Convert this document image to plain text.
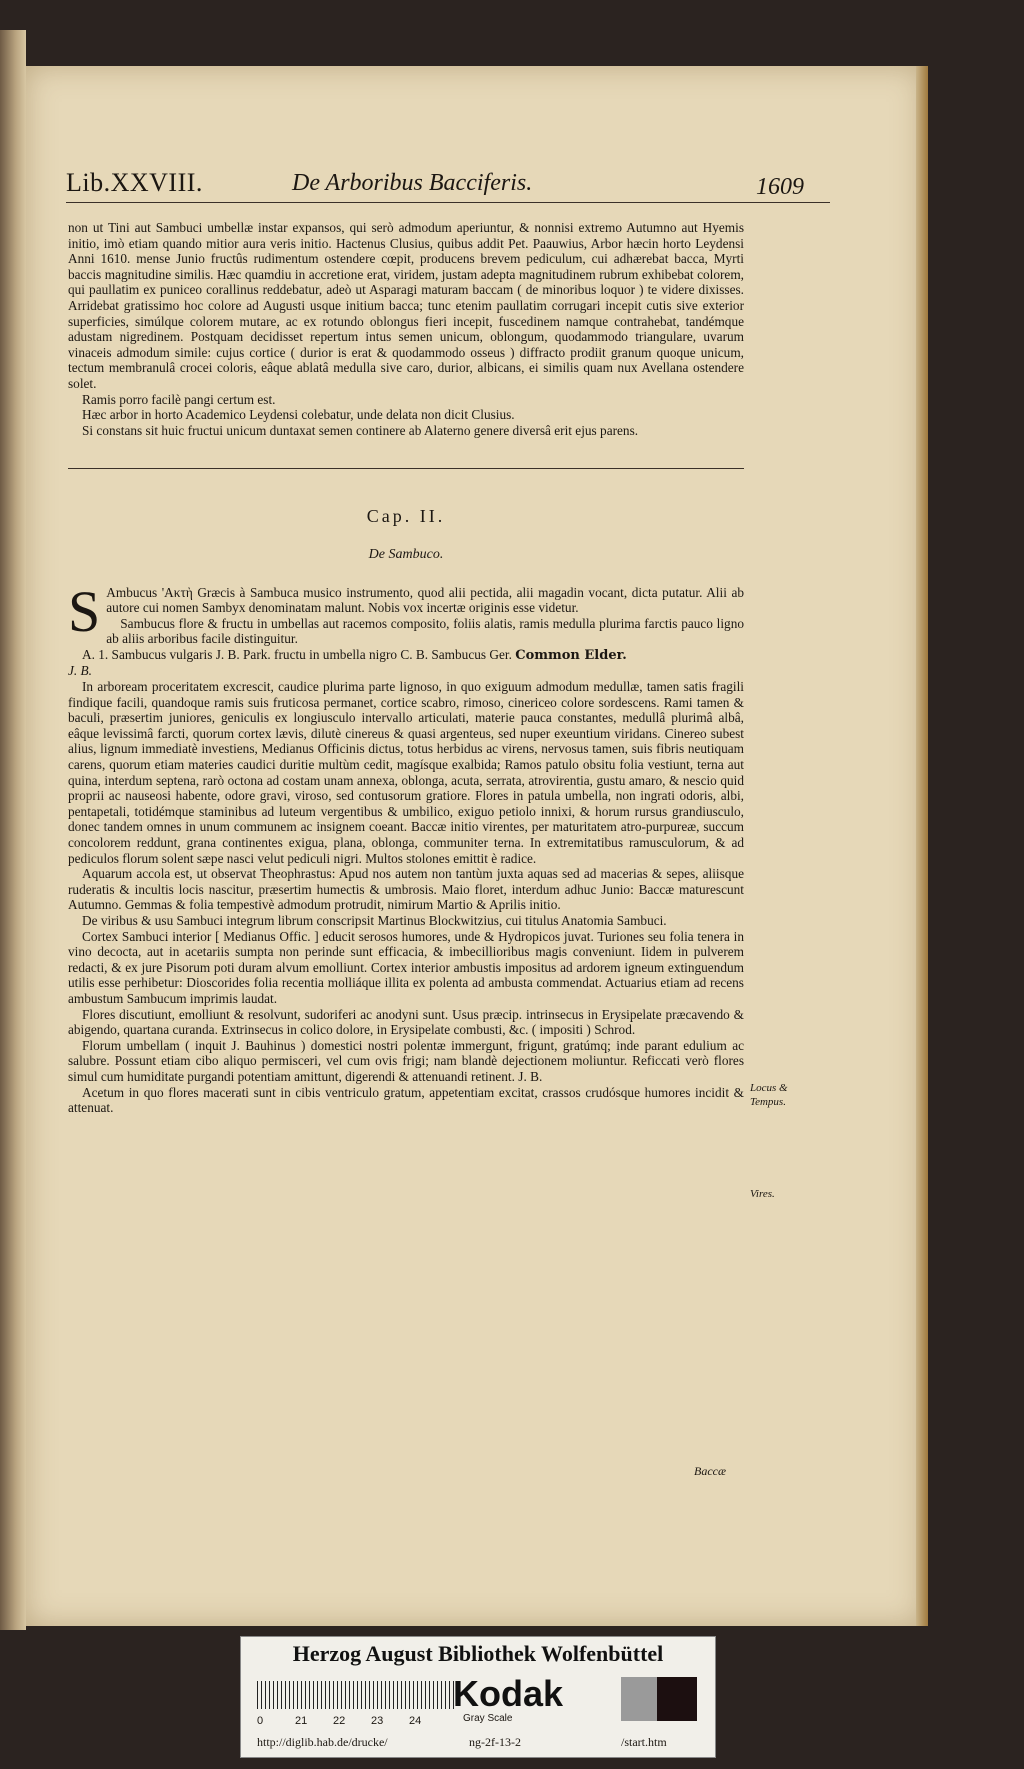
Lib.XXVIII.	De Arboribus Bacciferis.	1609

non ut Tini aut Sambuci umbellæ instar expansos, qui serò admodum aperiuntur, & nonnisi extremo Autumno aut Hyemis initio, imò etiam quando mitior aura veris initio. Hactenus Clusius, quibus addit Pet. Paauwius, Arbor hæcin horto Leydensi Anni 1610. mense Junio fructûs rudimentum ostendere cœpit, producens brevem pediculum, cui adhærebat bacca, Myrti baccis magnitudine similis. Hæc quamdiu in accretione erat, viridem, justam adepta magnitudinem rubrum exhibebat colorem, qui paullatim ex puniceo corallinus reddebatur, adeò ut Asparagi maturam baccam ( de minoribus loquor ) te videre dixisses. Arridebat gratissimo hoc colore ad Augusti usque initium bacca; tunc etenim paullatim corrugari incepit cutis sive exterior superficies, simúlque colorem mutare, ac ex rotundo oblongus fieri incepit, fuscedinem namque contrahebat, tandémque adustam nigredinem. Postquam decidisset repertum intus semen unicum, oblongum, quodammodo triangulare, uvarum vinaceis admodum simile: cujus cortice ( durior is erat & quodammodo osseus ) diffracto prodiit granum quoque unicum, tectum membranulâ crocei coloris, eâque ablatâ medulla sive caro, durior, albicans, ei similis quam nux Avellana ostendere solet.

Ramis porro facilè pangi certum est.

Hæc arbor in horto Academico Leydensi colebatur, unde delata non dicit Clusius.

Si constans sit huic fructui unicum duntaxat semen continere ab Alaterno genere diversâ erit ejus parens.

Cap. II.
De Sambuco.

S Ambucus 'Ακτὴ Græcis à Sambuca musico instrumento, quod alii pectida, alii magadin vocant, dicta putatur. Alii ab autore cui nomen Sambyx denominatam malunt. Nobis vox incertæ originis esse videtur.

Sambucus flore & fructu in umbellas aut racemos composito, foliis alatis, ramis medulla plurima farctis pauco ligno ab aliis arboribus facile distinguitur.

A. 1. Sambucus vulgaris J. B. Park. fructu in umbella nigro C. B. Sambucus Ger. Common Elder.

J. B.

In arboream proceritatem excrescit, caudice plurima parte lignoso, in quo exiguum admodum medullæ, tamen satis fragili findique facili, quandoque ramis suis fruticosa permanet, cortice scabro, rimoso, cinericeo colore sordescens. Rami tamen & baculi, præsertim juniores, geniculis ex longiusculo intervallo articulati, materie pauca constantes, medullâ plurimâ albâ, eâque levissimâ farcti, quorum cortex lævis, dilutè cinereus & quasi argenteus, sed nuper exeuntium viridans. Cinereo subest alius, lignum immediatè investiens, Medianus Officinis dictus, totus herbidus ac virens, nervosus tamen, suis fibris neutiquam carens, quorum etiam materies caudici duritie multùm cedit, magísque exalbida; Ramos patulo obsitu folia vestiunt, terna aut quina, interdum septena, rarò octona ad costam unam annexa, oblonga, acuta, serrata, atrovirentia, gustu amaro, & nescio quid proprii ac nauseosi habente, odore gravi, viroso, sed contusorum gratiore. Flores in patula umbella, non ingrati odoris, albi, pentapetali, totidémque staminibus ad luteum vergentibus & umbilico, exiguo petiolo innixi, & horum rursus grandiusculo, donec tandem omnes in unum communem ac insignem coeant. Baccæ initio virentes, per maturitatem atro-purpureæ, succum concolorem reddunt, grana continentes exigua, plana, oblonga, communiter terna. In extremitatibus ramusculorum, & ad pediculos florum solent sæpe nasci velut pediculi nigri. Multos stolones emittit è radice.

Aquarum accola est, ut observat Theophrastus: Apud nos autem non tantùm juxta aquas sed ad macerias & sepes, aliisque ruderatis & incultis locis nascitur, præsertim humectis & umbrosis. Maio floret, interdum adhuc Junio: Baccæ maturescunt Autumno. Gemmas & folia tempestivè admodum protrudit, nimirum Martio & Aprilis initio.

De viribus & usu Sambuci integrum librum conscripsit Martinus Blockwitzius, cui titulus Anatomia Sambuci.

Cortex Sambuci interior [ Medianus Offic. ] educit serosos humores, unde & Hydropicos juvat. Turiones seu folia tenera in vino decocta, aut in acetariis sumpta non perinde sunt efficacia, & imbecillioribus magis conveniunt. Iidem in pulverem redacti, & ex jure Pisorum poti duram alvum emolliunt. Cortex interior ambustis impositus ad ardorem igneum extinguendum utilis esse perhibetur: Dioscorides folia recentia molliáque illita ex polenta ad ambusta commendat. Actuarius etiam ad recens ambustum Sambucum imprimis laudat.

Flores discutiunt, emolliunt & resolvunt, sudoriferi ac anodyni sunt. Usus præcip. intrinsecus in Erysipelate præcavendo & abigendo, quartana curanda. Extrinsecus in colico dolore, in Erysipelate combusti, &c. ( impositi ) Schrod.

Florum umbellam ( inquit J. Bauhinus ) domestici nostri polentæ immergunt, frigunt, gratúmq; inde parant edulium ac salubre. Possunt etiam cibo aliquo permisceri, vel cum ovis frigi; nam blandè dejectionem moliuntur. Reficcati verò flores simul cum humiditate purgandi potentiam amittunt, digerendi & attenuandi retinent. J. B.

Acetum in quo flores macerati sunt in cibis ventriculo gratum, appetentiam excitat, crassos crudósque humores incidit & attenuat.

Locus &
Tempus.
Vires.
Baccæ
Herzog August Bibliothek Wolfenbüttel
Kodak
Gray Scale
0	21 22 23 24
http://diglib.hab.de/drucke/	ng-2f-13-2	/start.htm
